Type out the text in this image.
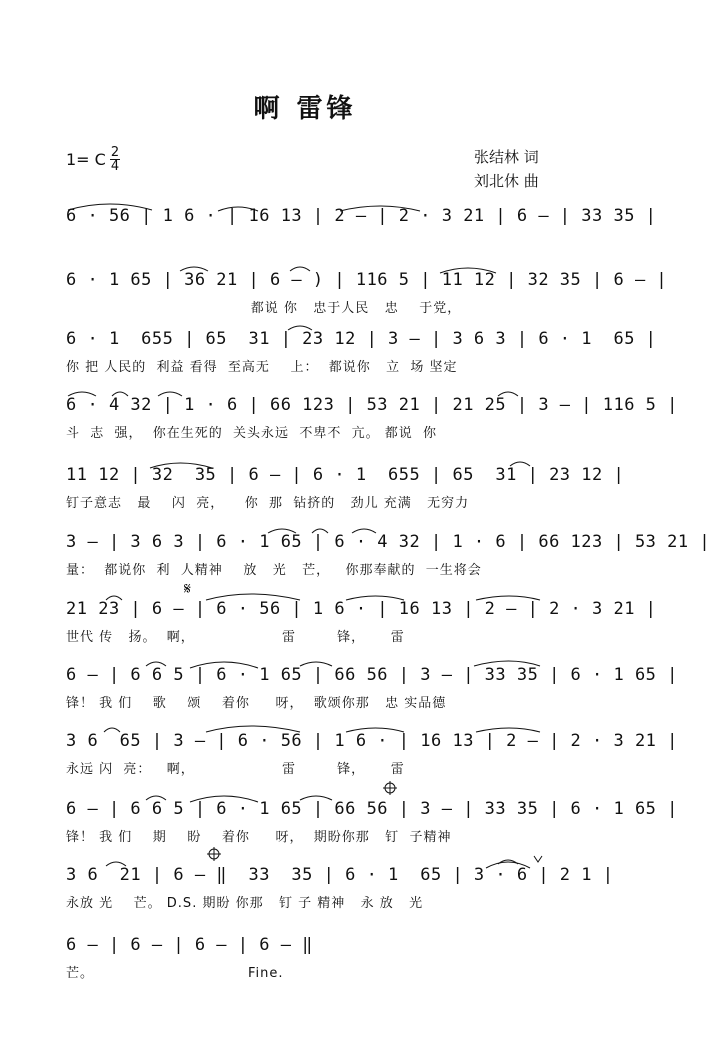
啊 雷锋
1= C $\frac{2}{4}$	张结林 词
刘北休 曲
6 · 56 | 1 6 · | 16 13 | 2 – | 2 · 3 21 | 6 – | 33 35 |
6 · 1 65 | 36 21 | 6 – ) | 116 5 | 11 12 | 32 35 | 6 – |
都说 你   忠于人民   忠    于党，
6 · 1  655 | 65  31 | 23 12 | 3 – | 3 6 3 | 6 · 1  65 |
你 把 人民的  利益 看得  至高无    上：  都说你   立  场 坚定
6 · 4 32 | 1 · 6 | 66 123 | 53 21 | 21 25 | 3 – | 116 5 |
斗  志  强，  你在生死的  关头永远  不卑不  亢。 都说  你
11 12 | 32  35 | 6 – | 6 · 1  655 | 65  31 | 23 12 |
钉子意志   最    闪  亮，    你  那  钻挤的   劲儿 充满   无穷力
3 – | 3 6 3 | 6 · 1 65 | 6 · 4 32 | 1 · 6 | 66 123 | 53 21 |
量：  都说你  利  人精神    放   光   芒，   你那奉献的  一生将会
21 23 | 6 – | 6 · 56 | 1 6 · | 16 13 | 2 – | 2 · 3 21 |
世代 传   扬。  啊，                 雷        锋，     雷
𝄋
6 – | 6 6 5 | 6 · 1 65 | 66 56 | 3 – | 33 35 | 6 · 1 65 |
锋！ 我 们    歌    颂    着你     呀，  歌颂你那   忠 实品德
3 6  65 | 3 – | 6 · 56 | 1 6 · | 16 13 | 2 – | 2 · 3 21 |
永远 闪  亮：   啊，                 雷        锋，     雷
6 – | 6 6 5 | 6 · 1 65 | 66 56 | 3 – | 33 35 | 6 · 1 65 |
锋！ 我 们    期    盼    着你     呀，  期盼你那   钉  子精神
3 6  21 | 6 – ‖  33  35 | 6 · 1  65 | 3 · 6 | 2 1 |
永放 光    芒。 D.S. 期盼 你那   钉 子 精神   永 放   光
6 – | 6 – | 6 – | 6 – ‖
芒。                              Fine.
